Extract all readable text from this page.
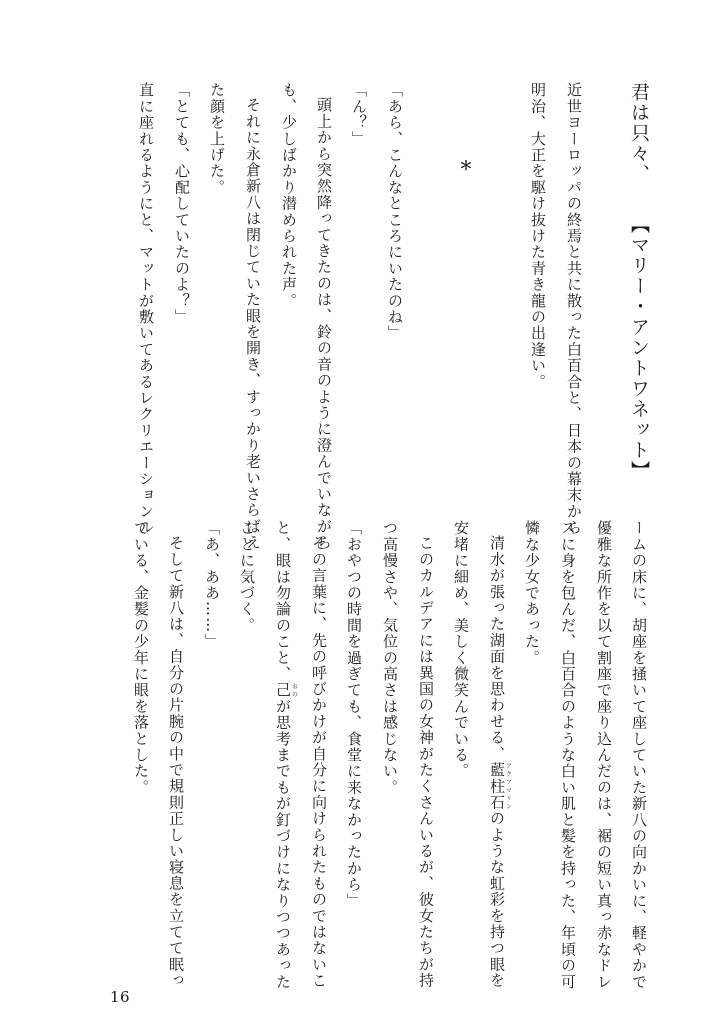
君は只々、【マリー・アントワネット】

近世ヨーロッパの終焉と共に散った白百合と、日本の幕末から

明治、大正を駆け抜けた青き龍の出逢い。

*

「あら、こんなところにいたのね」

「ん？」

頭上から突然降ってきたのは、鈴の音のように澄んでいながら

も、少しばかり潜められた声。

それに永倉新八は閉じていた眼を開き、すっかり老いさらばえ

た顔を上げた。

「とても、心配していたのよ？」

直に座れるようにと、マットが敷いてあるレクリエーションル

ームの床に、胡座を掻いて座していた新八の向かいに、軽やかで

優雅な所作を以て割座で座り込んだのは、裾の短い真っ赤なドレ

スに身を包んだ、白百合のような白い肌と髪を持った、年頃の可

憐な少女であった。

清水が張った湖面を思わせる、藍柱石アクアマリンのような虹彩を持つ眼を

安堵に細め、美しく微笑んでいる。

このカルデアには異国の女神がたくさんいるが、彼女たちが持

つ高慢さや、気位の高さは感じない。

「おやつの時間を過ぎても、食堂に来なかったから」

その言葉に、先の呼びかけが自分に向けられたものではないこ

と、眼は勿論のこと、己おのが思考までもが釘づけになりつつあった

ことに気づく。

「あ、ああ……」

そして新八は、自分の片腕の中で規則正しい寝息を立てて眠っ

ている、金髪の少年に眼を落とした。

16
